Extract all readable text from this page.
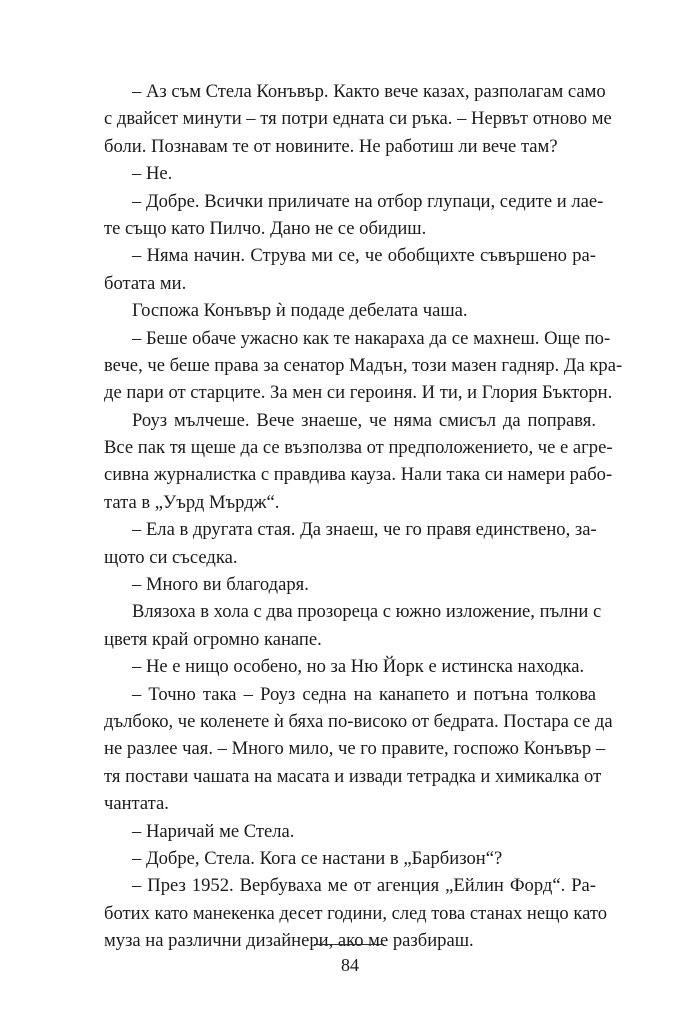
– Аз съм Стела Конъвър. Както вече казах, разполагам само
с двайсет минути – тя потри едната си ръка. – Нервът отново ме
боли. Познавам те от новините. Не работиш ли вече там?
– Не.
– Добре. Всички приличате на отбор глупаци, седите и лае-
те също като Пилчо. Дано не се обидиш.
– Няма начин. Струва ми се, че обобщихте съвършено ра-
ботата ми.
Госпожа Конъвър ѝ подаде дебелата чаша.
– Беше обаче ужасно как те накараха да се махнеш. Още по-
вече, че беше права за сенатор Мадън, този мазен гадняр. Да кра-
де пари от старците. За мен си героиня. И ти, и Глория Бъкторн.
Роуз мълчеше. Вече знаеше, че няма смисъл да поправя.
Все пак тя щеше да се възползва от предположението, че е агре-
сивна журналистка с правдива кауза. Нали така си намери рабо-
тата в „Уърд Мърдж“.
– Ела в другата стая. Да знаеш, че го правя единствено, за-
щото си съседка.
– Много ви благодаря.
Влязоха в хола с два прозореца с южно изложение, пълни с
цветя край огромно канапе.
– Не е нищо особено, но за Ню Йорк е истинска находка.
– Точно така – Роуз седна на канапето и потъна толкова
дълбоко, че коленете ѝ бяха по-високо от бедрата. Постара се да
не разлее чая. – Много мило, че го правите, госпожо Конъвър –
тя постави чашата на масата и извади тетрадка и химикалка от
чантата.
– Наричай ме Стела.
– Добре, Стела. Кога се настани в „Барбизон“?
– През 1952. Вербуваха ме от агенция „Ейлин Форд“. Ра-
ботих като манекенка десет години, след това станах нещо като
муза на различни дизайнери, ако ме разбираш.
84
